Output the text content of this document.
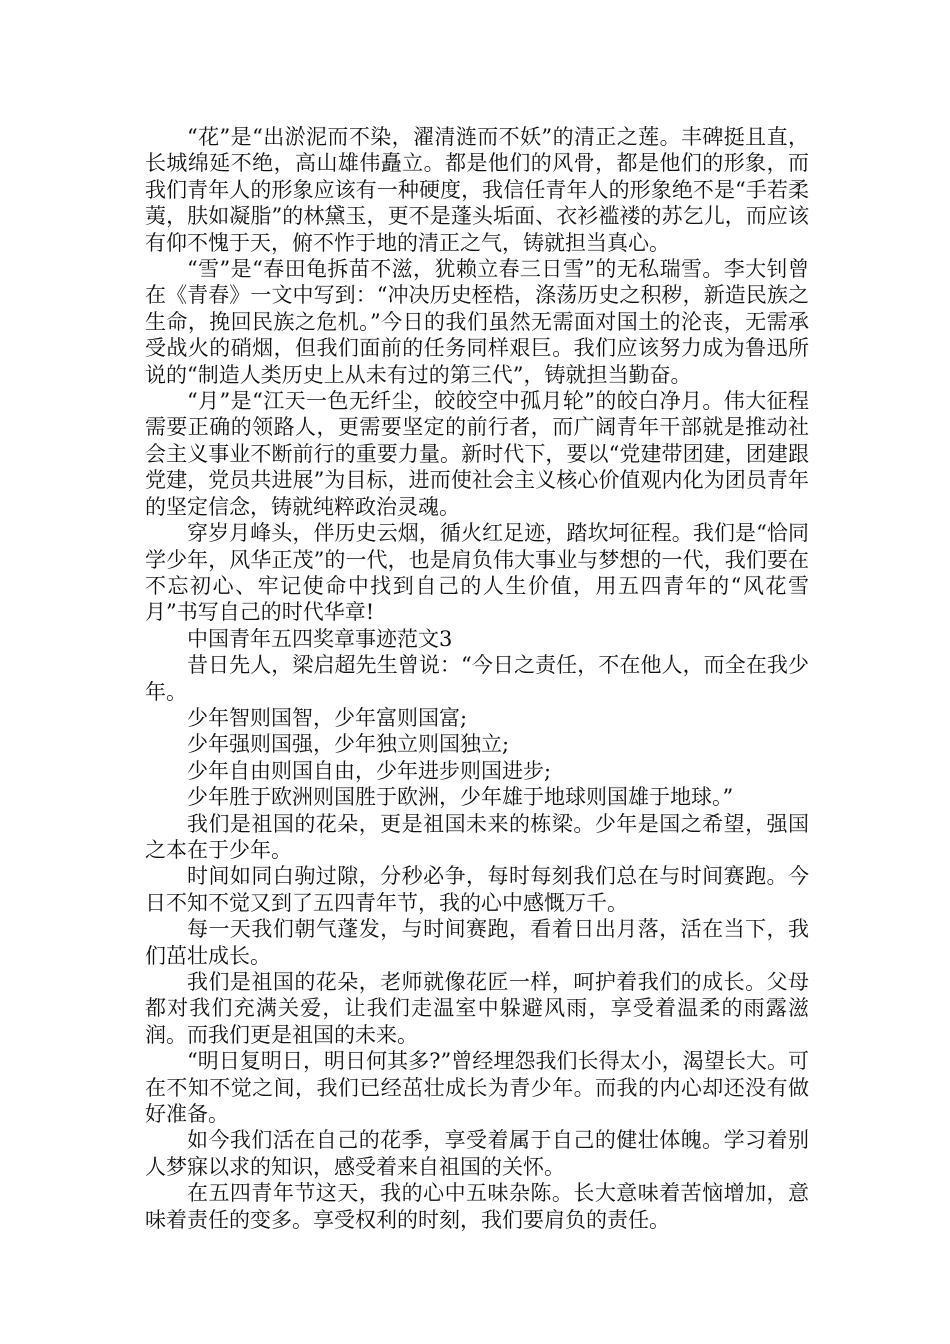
“花”是“出淤泥而不染，濯清涟而不妖”的清正之莲。丰碑挺且直，长城绵延不绝，高山雄伟矗立。都是他们的风骨，都是他们的形象，而我们青年人的形象应该有一种硬度，我信任青年人的形象绝不是“手若柔荑，肤如凝脂”的林黛玉，更不是蓬头垢面、衣衫褴褛的苏乞儿，而应该有仰不愧于天，俯不怍于地的清正之气，铸就担当真心。

“雪”是“春田龟拆苗不滋，犹赖立春三日雪”的无私瑞雪。李大钊曾在《青春》一文中写到：“冲决历史桎梏，涤荡历史之积秽，新造民族之生命，挽回民族之危机。”今日的我们虽然无需面对国土的沦丧，无需承受战火的硝烟，但我们面前的任务同样艰巨。我们应该努力成为鲁迅所说的“制造人类历史上从未有过的第三代”，铸就担当勤奋。

“月”是“江天一色无纤尘，皎皎空中孤月轮”的皎白净月。伟大征程需要正确的领路人，更需要坚定的前行者，而广阔青年干部就是推动社会主义事业不断前行的重要力量。新时代下，要以“党建带团建，团建跟党建，党员共进展”为目标，进而使社会主义核心价值观内化为团员青年的坚定信念，铸就纯粹政治灵魂。

穿岁月峰头，伴历史云烟，循火红足迹，踏坎坷征程。我们是“恰同学少年，风华正茂”的一代，也是肩负伟大事业与梦想的一代，我们要在不忘初心、牢记使命中找到自己的人生价值，用五四青年的“风花雪月”书写自己的时代华章!

中国青年五四奖章事迹范文3

昔日先人，梁启超先生曾说：“今日之责任，不在他人，而全在我少年。

少年智则国智，少年富则国富;

少年强则国强，少年独立则国独立;

少年自由则国自由，少年进步则国进步;

少年胜于欧洲则国胜于欧洲，少年雄于地球则国雄于地球。”

我们是祖国的花朵，更是祖国未来的栋梁。少年是国之希望，强国之本在于少年。

时间如同白驹过隙，分秒必争，每时每刻我们总在与时间赛跑。今日不知不觉又到了五四青年节，我的心中感慨万千。

每一天我们朝气蓬发，与时间赛跑，看着日出月落，活在当下，我们茁壮成长。

我们是祖国的花朵，老师就像花匠一样，呵护着我们的成长。父母都对我们充满关爱，让我们走温室中躲避风雨，享受着温柔的雨露滋润。而我们更是祖国的未来。

“明日复明日，明日何其多?”曾经埋怨我们长得太小，渴望长大。可在不知不觉之间，我们已经茁壮成长为青少年。而我的内心却还没有做好准备。

如今我们活在自己的花季，享受着属于自己的健壮体魄。学习着别人梦寐以求的知识，感受着来自祖国的关怀。

在五四青年节这天，我的心中五味杂陈。长大意味着苦恼增加，意味着责任的变多。享受权利的时刻，我们要肩负的责任。
